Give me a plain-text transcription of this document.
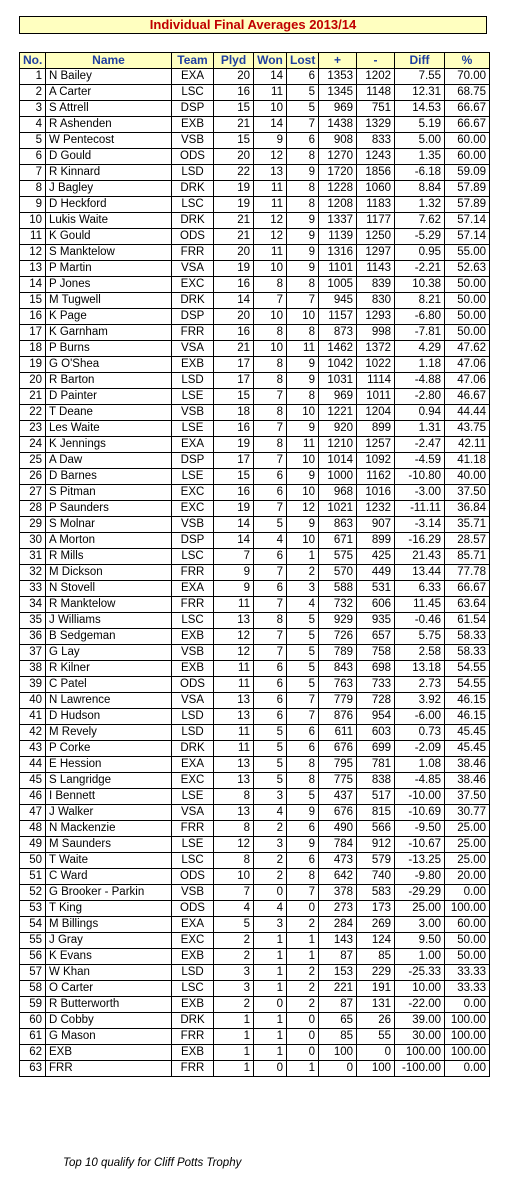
Individual Final Averages 2013/14
No.	Name	Team	Plyd	Won	Lost	+	-	Diff	%
1	N Bailey	EXA	20	14	6	1353	1202	7.55	70.00
2	A Carter	LSC	16	11	5	1345	1148	12.31	68.75
3	S Attrell	DSP	15	10	5	969	751	14.53	66.67
4	R Ashenden	EXB	21	14	7	1438	1329	5.19	66.67
5	W Pentecost	VSB	15	9	6	908	833	5.00	60.00
6	D Gould	ODS	20	12	8	1270	1243	1.35	60.00
7	R Kinnard	LSD	22	13	9	1720	1856	-6.18	59.09
8	J Bagley	DRK	19	11	8	1228	1060	8.84	57.89
9	D Heckford	LSC	19	11	8	1208	1183	1.32	57.89
10	Lukis Waite	DRK	21	12	9	1337	1177	7.62	57.14
11	K Gould	ODS	21	12	9	1139	1250	-5.29	57.14
12	S Manktelow	FRR	20	11	9	1316	1297	0.95	55.00
13	P Martin	VSA	19	10	9	1101	1143	-2.21	52.63
14	P Jones	EXC	16	8	8	1005	839	10.38	50.00
15	M Tugwell	DRK	14	7	7	945	830	8.21	50.00
16	K Page	DSP	20	10	10	1157	1293	-6.80	50.00
17	K Garnham	FRR	16	8	8	873	998	-7.81	50.00
18	P Burns	VSA	21	10	11	1462	1372	4.29	47.62
19	G O'Shea	EXB	17	8	9	1042	1022	1.18	47.06
20	R Barton	LSD	17	8	9	1031	1114	-4.88	47.06
21	D Painter	LSE	15	7	8	969	1011	-2.80	46.67
22	T Deane	VSB	18	8	10	1221	1204	0.94	44.44
23	Les Waite	LSE	16	7	9	920	899	1.31	43.75
24	K Jennings	EXA	19	8	11	1210	1257	-2.47	42.11
25	A Daw	DSP	17	7	10	1014	1092	-4.59	41.18
26	D Barnes	LSE	15	6	9	1000	1162	-10.80	40.00
27	S Pitman	EXC	16	6	10	968	1016	-3.00	37.50
28	P Saunders	EXC	19	7	12	1021	1232	-11.11	36.84
29	S Molnar	VSB	14	5	9	863	907	-3.14	35.71
30	A Morton	DSP	14	4	10	671	899	-16.29	28.57
31	R Mills	LSC	7	6	1	575	425	21.43	85.71
32	M Dickson	FRR	9	7	2	570	449	13.44	77.78
33	N Stovell	EXA	9	6	3	588	531	6.33	66.67
34	R Manktelow	FRR	11	7	4	732	606	11.45	63.64
35	J Williams	LSC	13	8	5	929	935	-0.46	61.54
36	B Sedgeman	EXB	12	7	5	726	657	5.75	58.33
37	G Lay	VSB	12	7	5	789	758	2.58	58.33
38	R Kilner	EXB	11	6	5	843	698	13.18	54.55
39	C Patel	ODS	11	6	5	763	733	2.73	54.55
40	N Lawrence	VSA	13	6	7	779	728	3.92	46.15
41	D Hudson	LSD	13	6	7	876	954	-6.00	46.15
42	M Revely	LSD	11	5	6	611	603	0.73	45.45
43	P Corke	DRK	11	5	6	676	699	-2.09	45.45
44	E Hession	EXA	13	5	8	795	781	1.08	38.46
45	S Langridge	EXC	13	5	8	775	838	-4.85	38.46
46	I Bennett	LSE	8	3	5	437	517	-10.00	37.50
47	J Walker	VSA	13	4	9	676	815	-10.69	30.77
48	N Mackenzie	FRR	8	2	6	490	566	-9.50	25.00
49	M Saunders	LSE	12	3	9	784	912	-10.67	25.00
50	T Waite	LSC	8	2	6	473	579	-13.25	25.00
51	C Ward	ODS	10	2	8	642	740	-9.80	20.00
52	G Brooker - Parkin	VSB	7	0	7	378	583	-29.29	0.00
53	T King	ODS	4	4	0	273	173	25.00	100.00
54	M Billings	EXA	5	3	2	284	269	3.00	60.00
55	J Gray	EXC	2	1	1	143	124	9.50	50.00
56	K Evans	EXB	2	1	1	87	85	1.00	50.00
57	W Khan	LSD	3	1	2	153	229	-25.33	33.33
58	O Carter	LSC	3	1	2	221	191	10.00	33.33
59	R Butterworth	EXB	2	0	2	87	131	-22.00	0.00
60	D Cobby	DRK	1	1	0	65	26	39.00	100.00
61	G Mason	FRR	1	1	0	85	55	30.00	100.00
62	EXB	EXB	1	1	0	100	0	100.00	100.00
63	FRR	FRR	1	0	1	0	100	-100.00	0.00
Top 10 qualify for Cliff Potts Trophy
